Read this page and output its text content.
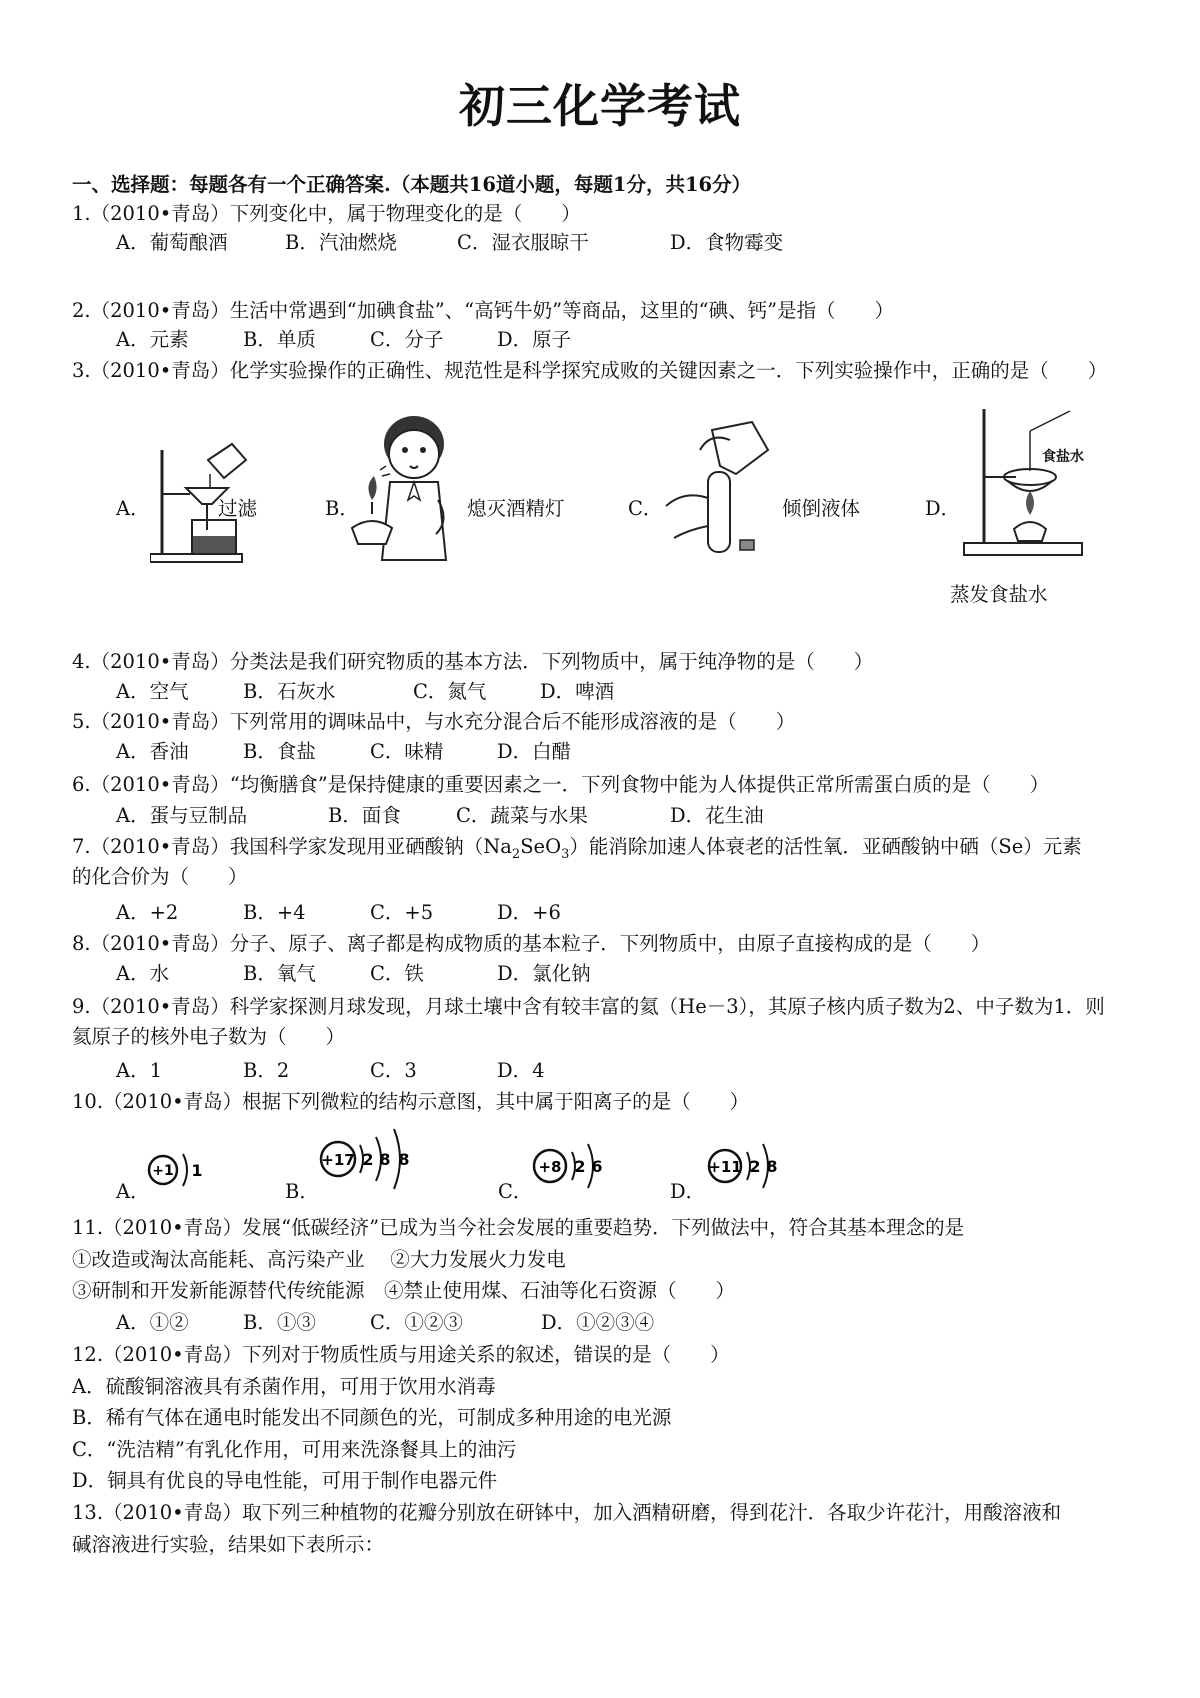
初三化学考试
一、选择题：每题各有一个正确答案.（本题共16道小题，每题1分，共16分）
1.（2010•青岛）下列变化中，属于物理变化的是（　　）
A．葡萄酿酒	B．汽油燃烧	C．湿衣服晾干	D．食物霉变
2.（2010•青岛）生活中常遇到“加碘食盐”、“高钙牛奶”等商品，这里的“碘、钙”是指（　　）
A．元素	B．单质	C．分子	D．原子
3.（2010•青岛）化学实验操作的正确性、规范性是科学探究成败的关键因素之一．下列实验操作中，正确的是（　　）
A．	过滤	B．	熄灭酒精灯	C．	倾倒液体
食盐水
D．
蒸发食盐水
4.（2010•青岛）分类法是我们研究物质的基本方法．下列物质中，属于纯净物的是（　　）
A．空气	B．石灰水	C．氮气	D．啤酒
5.（2010•青岛）下列常用的调味品中，与水充分混合后不能形成溶液的是（　　）
A．香油	B．食盐	C．味精	D．白醋
6.（2010•青岛）“均衡膳食”是保持健康的重要因素之一．下列食物中能为人体提供正常所需蛋白质的是（　　）
A．蛋与豆制品	B．面食	C．蔬菜与水果	D．花生油
7.（2010•青岛）我国科学家发现用亚硒酸钠$(Na_2SeO_3)$能消除加速人体衰老的活性氧．亚硒酸钠中硒（Se）元素
的化合价为（　　）
A．+2	B．+4	C．+5	D．+6
8.（2010•青岛）分子、原子、离子都是构成物质的基本粒子．下列物质中，由原子直接构成的是（　　）
A．水	B．氧气	C．铁	D．氯化钠
9.（2010•青岛）科学家探测月球发现，月球土壤中含有较丰富的氦（He－3），其原子核内质子数为2、中子数为1．则
氦原子的核外电子数为（　　）
A．1	B．2	C．3	D．4
10.（2010•青岛）根据下列微粒的结构示意图，其中属于阳离子的是（　　）
A．	B．	C．	D．
+1 1
+17 2 8 8	+8 2 6	+11 2 8
11.（2010•青岛）发展“低碳经济”已成为当今社会发展的重要趋势．下列做法中，符合其基本理念的是
①改造或淘汰高能耗、高污染产业　 ②大力发展火力发电
③研制和开发新能源替代传统能源　④禁止使用煤、石油等化石资源（　　）
A．①②	B．①③	C．①②③	D．①②③④
12.（2010•青岛）下列对于物质性质与用途关系的叙述，错误的是（　　）
A．硫酸铜溶液具有杀菌作用，可用于饮用水消毒
B．稀有气体在通电时能发出不同颜色的光，可制成多种用途的电光源
C．“洗洁精”有乳化作用，可用来洗涤餐具上的油污
D．铜具有优良的导电性能，可用于制作电器元件
13.（2010•青岛）取下列三种植物的花瓣分别放在研钵中，加入酒精研磨，得到花汁．各取少许花汁，用酸溶液和
碱溶液进行实验，结果如下表所示：
